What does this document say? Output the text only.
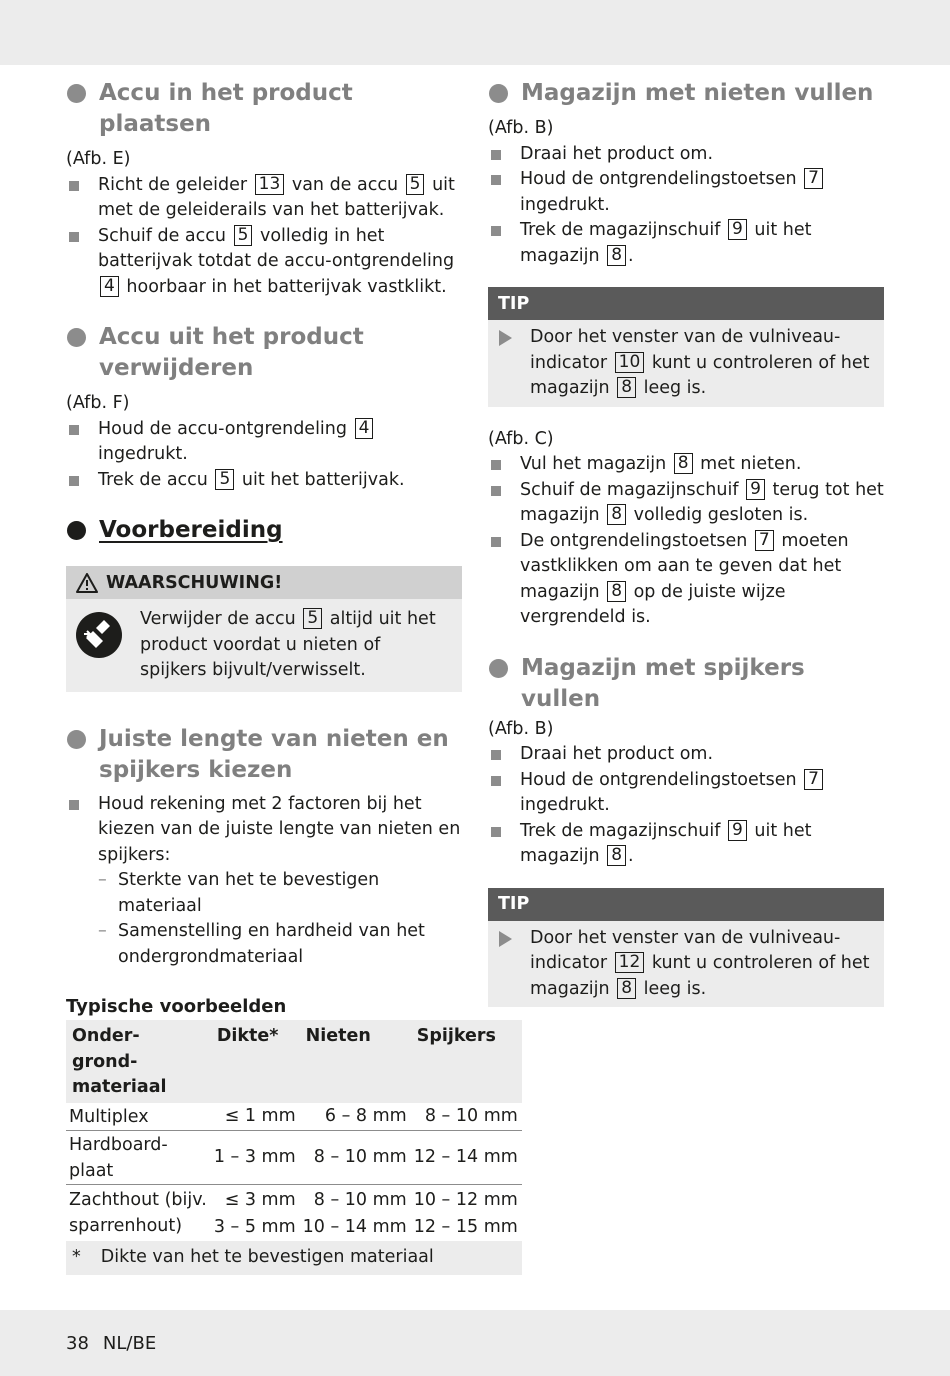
Accu in het product plaatsen
(Afb. E)
Richt de geleider 13 van de accu 5 uit met de geleiderails van het batterijvak.
Schuif de accu 5 volledig in het batterijvak totdat de accu-ontgrendeling 4 hoorbaar in het batterijvak vastklikt.
Accu uit het product verwijderen
(Afb. F)
Houd de accu-ontgrendeling 4 ingedrukt.
Trek de accu 5 uit het batterijvak.
Voorbereiding
WAARSCHUWING!
Verwijder de accu 5 altijd uit het product voordat u nieten of spijkers bijvult/verwisselt.
Juiste lengte van nieten en spijkers kiezen
Houd rekening met 2 factoren bij het kiezen van de juiste lengte van nieten en spijkers:
– Sterkte van het te bevestigen materiaal
– Samenstelling en hardheid van het ondergrondmateriaal
Typische voorbeelden
Onder-
grond-
materiaal	Dikte*	Nieten	Spijkers
Multiplex	≤ 1 mm	6 – 8 mm	8 – 10 mm
Hardboard-
plaat	1 – 3 mm	8 – 10 mm	12 – 14 mm
Zachthout (bijv.	≤ 3 mm	8 – 10 mm	10 – 12 mm
sparrenhout)	3 – 5 mm	10 – 14 mm	12 – 15 mm
* Dikte van het te bevestigen materiaal			
Magazijn met nieten vullen
(Afb. B)
Draai het product om.
Houd de ontgrendelingstoetsen 7 ingedrukt.
Trek de magazijnschuif 9 uit het magazijn 8 .
TIP
Door het venster van de vulniveau-indicator 10 kunt u controleren of het magazijn 8 leeg is.
(Afb. C)
Vul het magazijn 8 met nieten.
Schuif de magazijnschuif 9 terug tot het magazijn 8 volledig gesloten is.
De ontgrendelingstoetsen 7 moeten vastklikken om aan te geven dat het magazijn 8 op de juiste wijze vergrendeld is.
Magazijn met spijkers vullen
(Afb. B)
Draai het product om.
Houd de ontgrendelingstoetsen 7 ingedrukt.
Trek de magazijnschuif 9 uit het magazijn 8 .
TIP
Door het venster van de vulniveau-indicator 12 kunt u controleren of het magazijn 8 leeg is.
38 NL/BE
